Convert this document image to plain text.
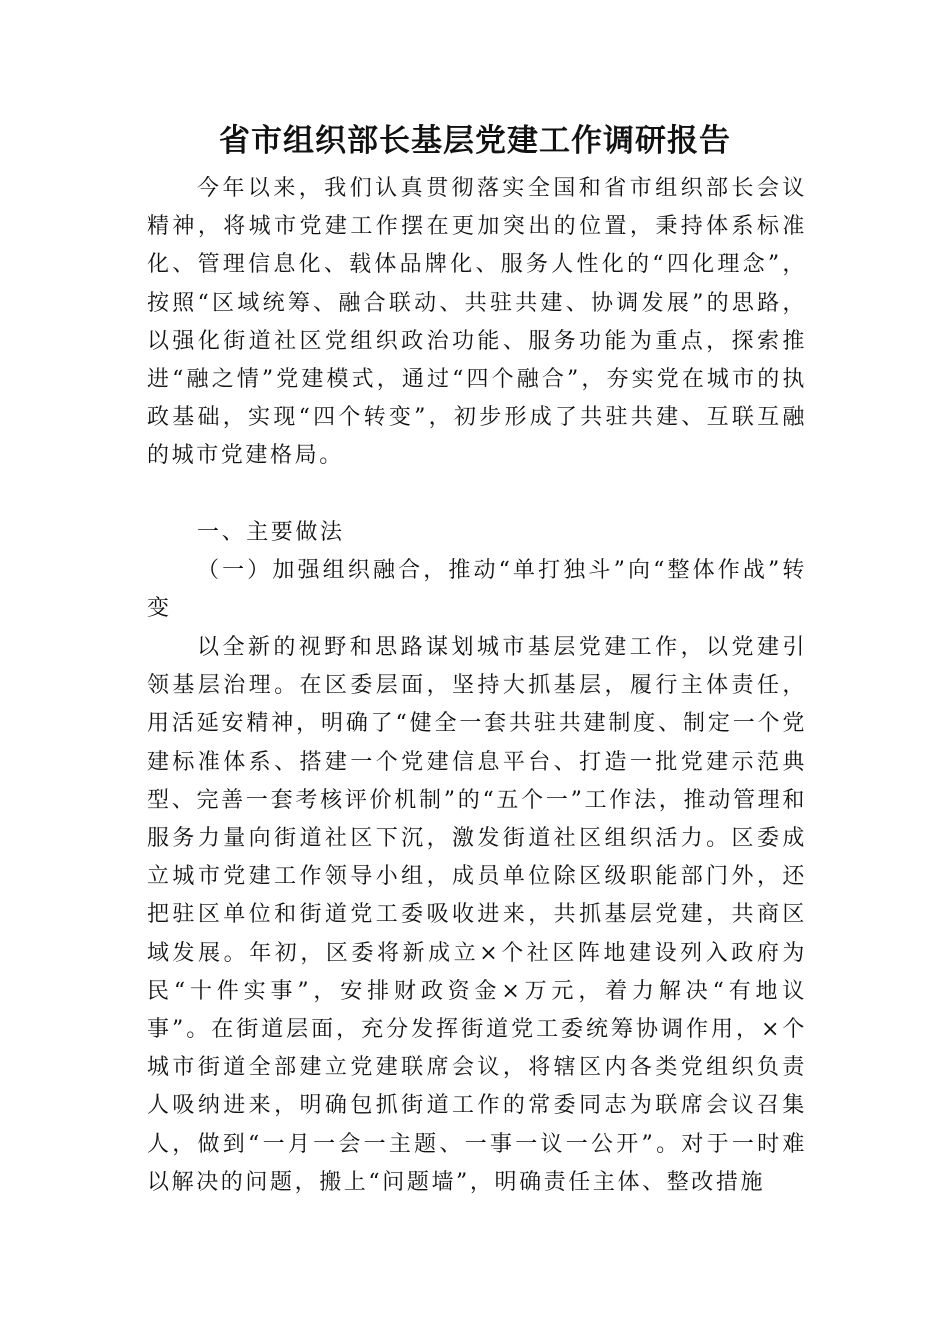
省市组织部长基层党建工作调研报告

今年以来，我们认真贯彻落实全国和省市组织部长会议精神，将城市党建工作摆在更加突出的位置，秉持体系标准化、管理信息化、载体品牌化、服务人性化的“四化理念”，按照“区域统筹、融合联动、共驻共建、协调发展”的思路，以强化街道社区党组织政治功能、服务功能为重点，探索推进“融之情”党建模式，通过“四个融合”，夯实党在城市的执政基础，实现“四个转变”，初步形成了共驻共建、互联互融的城市党建格局。

一、主要做法

（一）加强组织融合，推动“单打独斗”向“整体作战”转变

以全新的视野和思路谋划城市基层党建工作，以党建引领基层治理。在区委层面，坚持大抓基层，履行主体责任，用活延安精神，明确了“健全一套共驻共建制度、制定一个党建标准体系、搭建一个党建信息平台、打造一批党建示范典型、完善一套考核评价机制”的“五个一”工作法，推动管理和服务力量向街道社区下沉，激发街道社区组织活力。区委成立城市党建工作领导小组，成员单位除区级职能部门外，还把驻区单位和街道党工委吸收进来，共抓基层党建，共商区域发展。年初，区委将新成立×个社区阵地建设列入政府为民“十件实事”，安排财政资金×万元，着力解决“有地议事”。在街道层面，充分发挥街道党工委统筹协调作用，×个城市街道全部建立党建联席会议，将辖区内各类党组织负责人吸纳进来，明确包抓街道工作的常委同志为联席会议召集人，做到“一月一会一主题、一事一议一公开”。对于一时难以解决的问题，搬上“问题墙”，明确责任主体、整改措施
